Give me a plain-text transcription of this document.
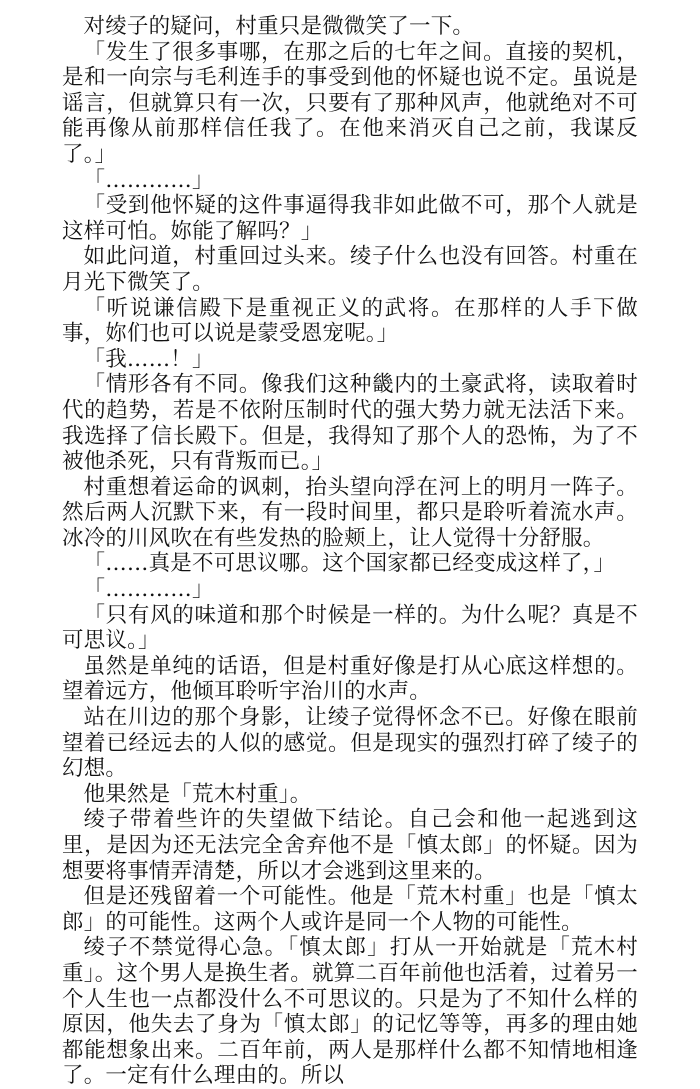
对绫子的疑问，村重只是微微笑了一下。

「发生了很多事哪，在那之后的七年之间。直接的契机，是和一向宗与毛利连手的事受到他的怀疑也说不定。虽说是谣言，但就算只有一次，只要有了那种风声，他就绝对不可能再像从前那样信任我了。在他来消灭自己之前，我谋反了。」

「…………」

「受到他怀疑的这件事逼得我非如此做不可，那个人就是这样可怕。妳能了解吗？」

如此问道，村重回过头来。绫子什么也没有回答。村重在月光下微笑了。

「听说谦信殿下是重视正义的武将。在那样的人手下做事，妳们也可以说是蒙受恩宠呢。」

「我……！」

「情形各有不同。像我们这种畿内的土豪武将，读取着时代的趋势，若是不依附压制时代的强大势力就无法活下来。我选择了信长殿下。但是，我得知了那个人的恐怖，为了不被他杀死，只有背叛而已。」

村重想着运命的讽刺，抬头望向浮在河上的明月一阵子。然后两人沉默下来，有一段时间里，都只是聆听着流水声。冰冷的川风吹在有些发热的脸颊上，让人觉得十分舒服。

「……真是不可思议哪。这个国家都已经变成这样了，」

「…………」

「只有风的味道和那个时候是一样的。为什么呢？真是不可思议。」

虽然是单纯的话语，但是村重好像是打从心底这样想的。望着远方，他倾耳聆听宇治川的水声。

站在川边的那个身影，让绫子觉得怀念不已。好像在眼前望着已经远去的人似的感觉。但是现实的强烈打碎了绫子的幻想。

他果然是「荒木村重」。

绫子带着些许的失望做下结论。自己会和他一起逃到这里，是因为还无法完全舍弃他不是「慎太郎」的怀疑。因为想要将事情弄清楚，所以才会逃到这里来的。

但是还残留着一个可能性。他是「荒木村重」也是「慎太郎」的可能性。这两个人或许是同一个人物的可能性。

绫子不禁觉得心急。「慎太郎」打从一开始就是「荒木村重」。这个男人是换生者。就算二百年前他也活着，过着另一个人生也一点都没什么不可思议的。只是为了不知什么样的原因，他失去了身为「慎太郎」的记忆等等，再多的理由她都能想象出来。二百年前，两人是那样什么都不知情地相逢了。一定有什么理由的。所以
